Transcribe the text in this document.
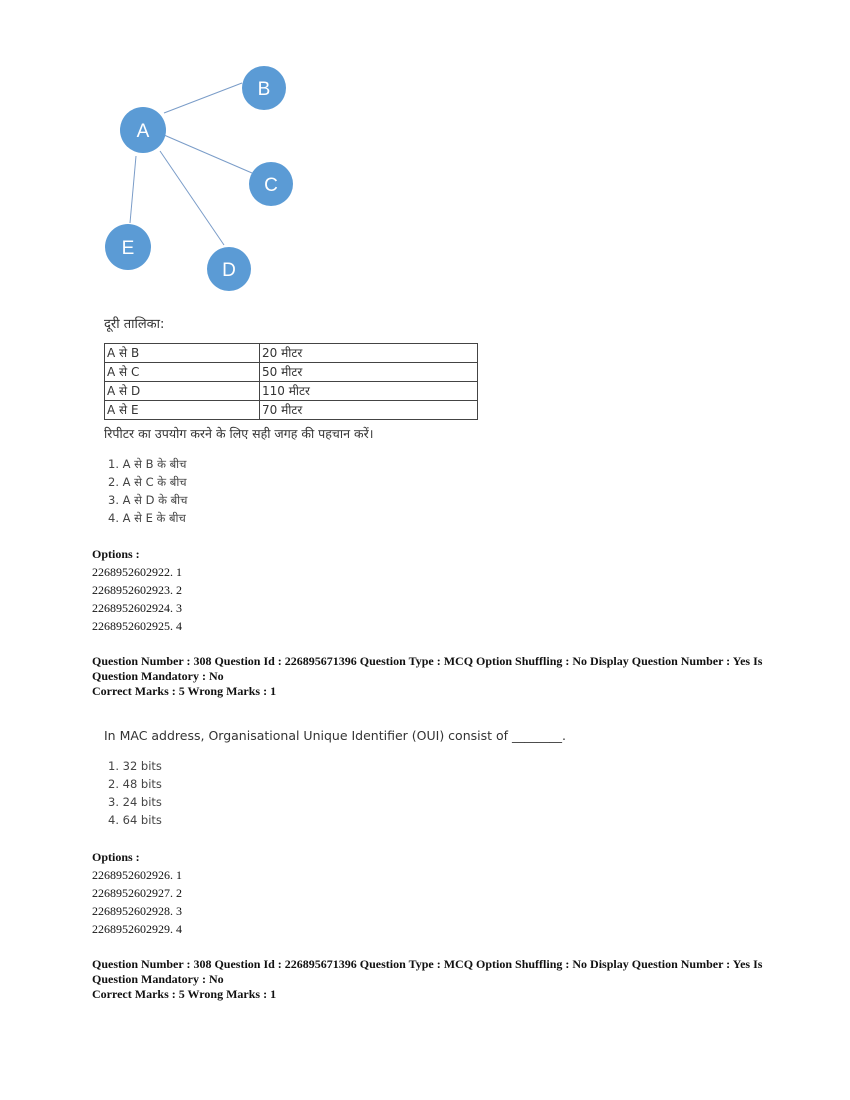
A
B
C
D
E
दूरी तालिका:
A से B	20 मीटर
A से C	50 मीटर
A से D	110 मीटर
A से E	70 मीटर
रिपीटर का उपयोग करने के लिए सही जगह की पहचान करें।
1. A से B के बीच
2. A से C के बीच
3. A से D के बीच
4. A से E के बीच
Options :
2268952602922. 1
2268952602923. 2
2268952602924. 3
2268952602925. 4
Question Number : 308 Question Id : 226895671396 Question Type : MCQ Option Shuffling : No Display Question Number : Yes Is
Question Mandatory : No
Correct Marks : 5 Wrong Marks : 1
In MAC address, Organisational Unique Identifier (OUI) consist of ________.
1. 32 bits
2. 48 bits
3. 24 bits
4. 64 bits
Options :
2268952602926. 1
2268952602927. 2
2268952602928. 3
2268952602929. 4
Question Number : 308 Question Id : 226895671396 Question Type : MCQ Option Shuffling : No Display Question Number : Yes Is
Question Mandatory : No
Correct Marks : 5 Wrong Marks : 1
